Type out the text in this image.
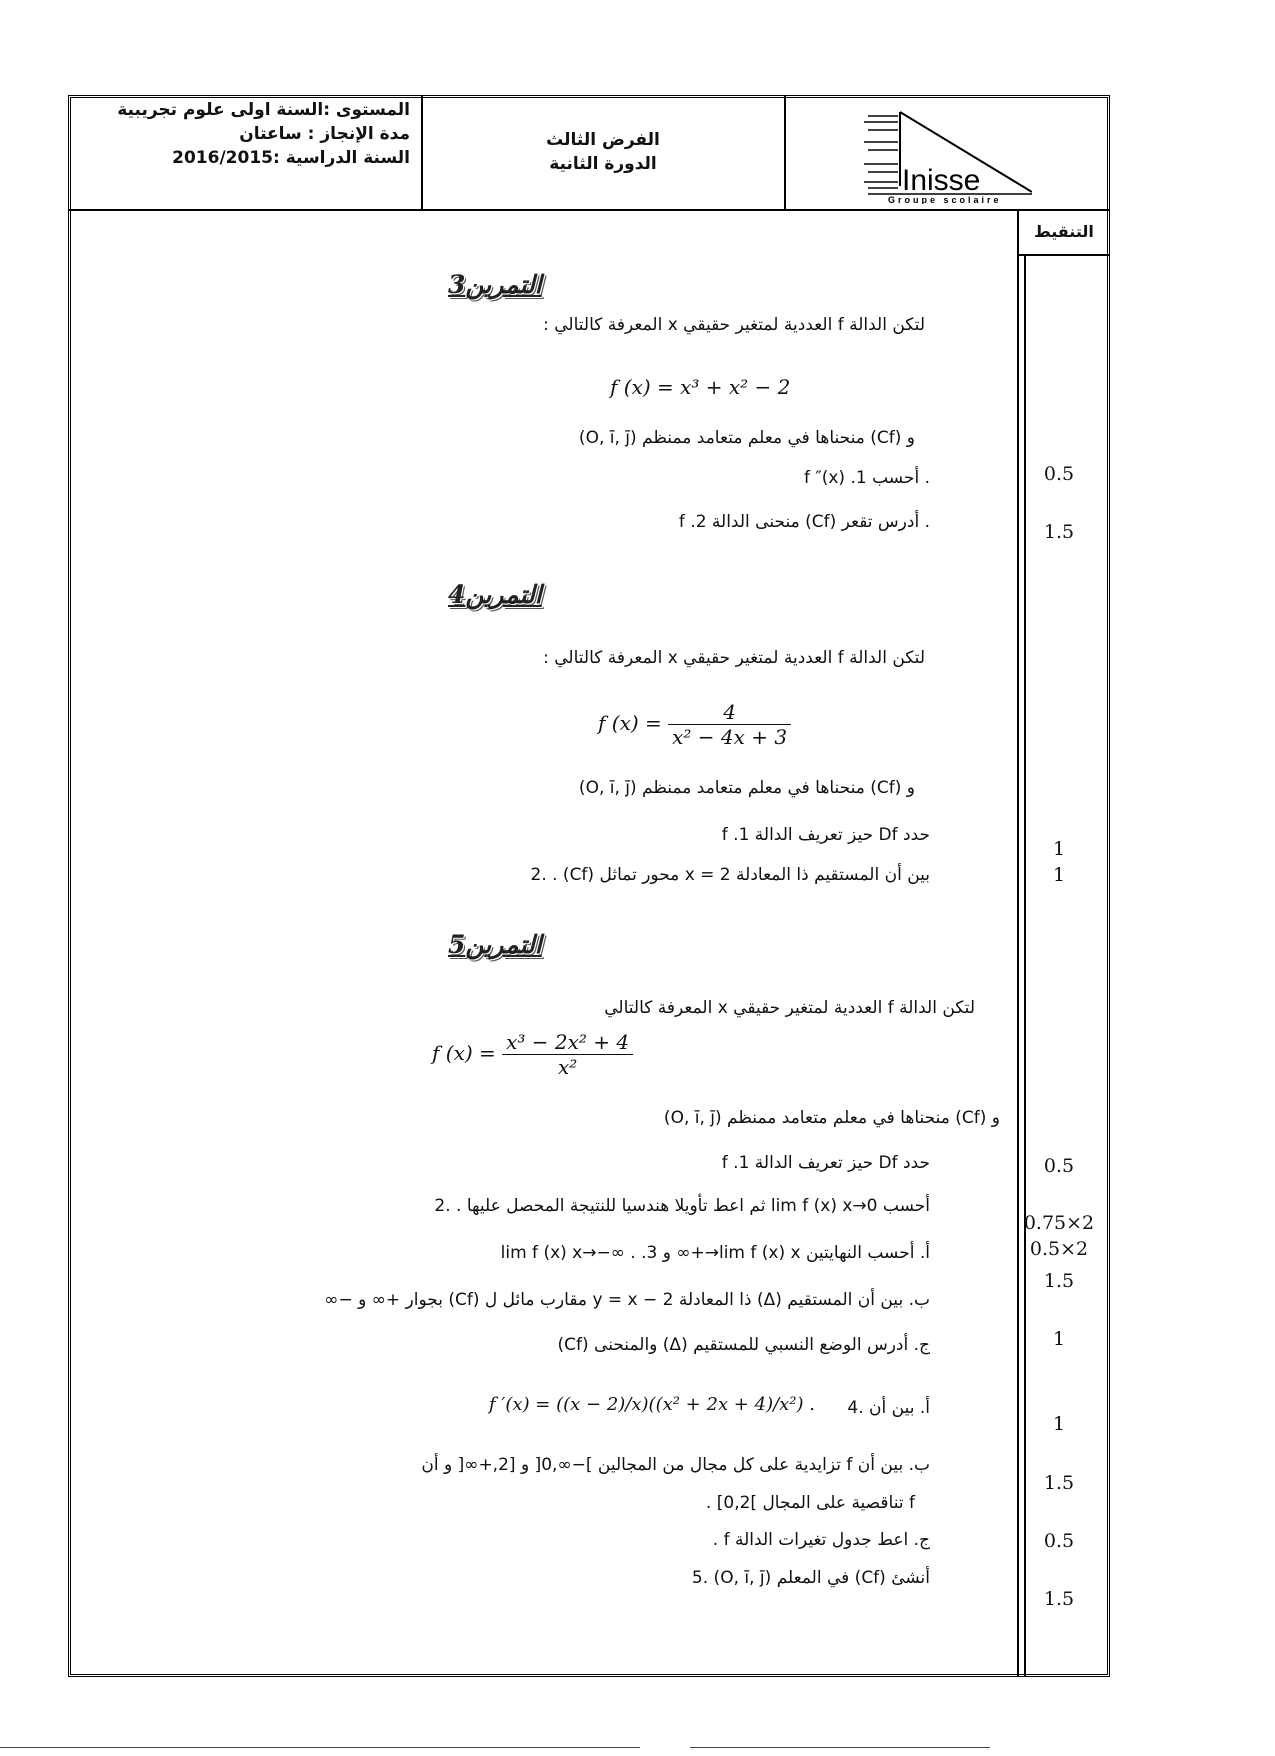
المستوى :السنة اولى علوم تجريبية
مدة الإنجاز : ساعتان
السنة الدراسية :2016/2015
الفرض الثالث
الدورة الثانية	Inisse
Groupe scolaire
التنقيط
التمرين3
لتكن الدالة f العددية لمتغير حقيقي x المعرفة كالتالي :
f (x) = x³ + x² − 2
و (Cf) منحناها في معلم متعامد ممنظم (O, ī, j̄)
. أحسب f ″(x) .1
. أدرس تقعر (Cf) منحنى الدالة f .2
التمرين4
لتكن الدالة f العددية لمتغير حقيقي x المعرفة كالتالي :
f $(x) = \frac{4}{\text{x² − 4x + 3}}$
و (Cf) منحناها في معلم متعامد ممنظم (O, ī, j̄)
حدد Df حيز تعريف الدالة f .1
بين أن المستقيم ذا المعادلة x = 2 محور تماثل (Cf) . .2
التمرين5
لتكن الدالة f العددية لمتغير حقيقي x المعرفة كالتالي
f $(x) = \frac{\text{x³ − 2x² + 4}}{\text{x²}}$
و (Cf) منحناها في معلم متعامد ممنظم (O, ī, j̄)
حدد Df حيز تعريف الدالة f .1
أحسب lim f (x) x→0 ثم اعط تأويلا هندسيا للنتيجة المحصل عليها . .2
أ. أحسب النهايتين lim f (x) x→+∞ و lim f (x) x→−∞ . .3
ب. بين أن المستقيم (Δ) ذا المعادلة y = x − 2 مقارب مائل ل (Cf) بجوار +∞ و −∞
ج. أدرس الوضع النسبي للمستقيم (Δ) والمنحنى (Cf)
أ. بين أن .4
f ′(x) = ((x − 2)/x)((x² + 2x + 4)/x²) .
ب. بين أن f تزايدية على كل مجال من المجالين ]−∞,0[ و [2,+∞[ و أن
f تناقصية على المجال ]0,2] .
ج. اعط جدول تغيرات الدالة f .
أنشئ (Cf) في المعلم (O, ī, j̄) .5
0.5
1.5
1
1
0.5
0.75×2
0.5×2
1.5
1
1
1.5
0.5
1.5
